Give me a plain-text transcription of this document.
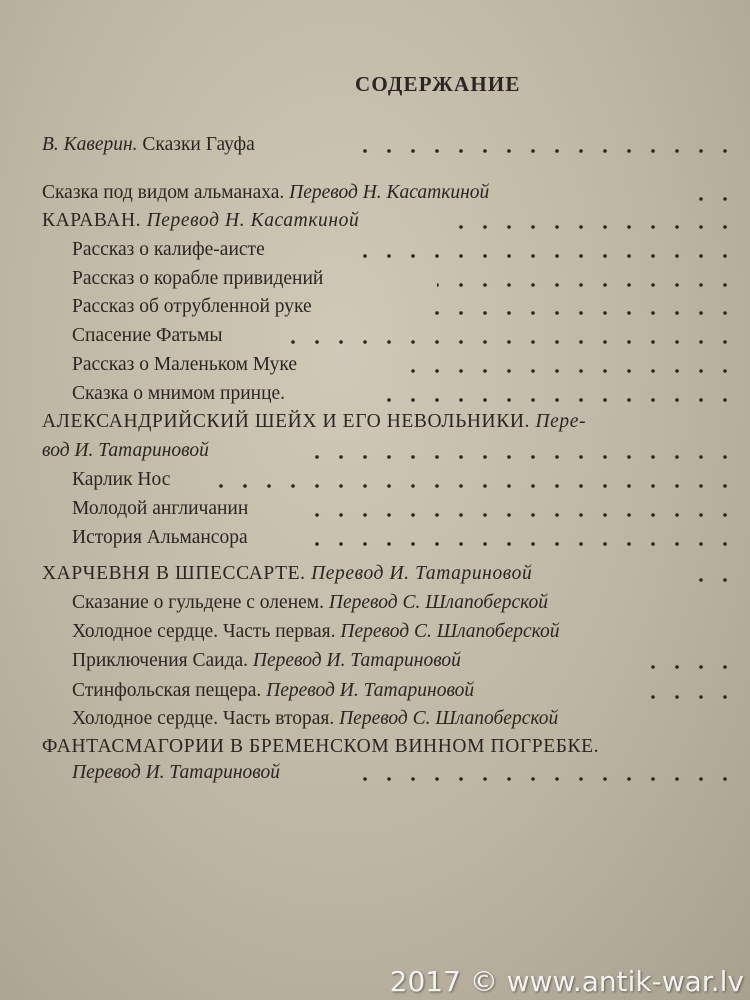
СОДЕРЖАНИЕ
В. Каверин. Сказки Гауфа
Сказка под видом альманаха. Перевод Н. Касаткиной
КАРАВАН. Перевод Н. Касаткиной
Рассказ о калифе-аисте
Рассказ о корабле привидений
Рассказ об отрубленной руке
Спасение Фатьмы
Рассказ о Маленьком Муке
Сказка о мнимом принце.
АЛЕКСАНДРИЙСКИЙ ШЕЙХ И ЕГО НЕВОЛЬНИКИ. Пере-
вод И. Татариновой
Карлик Нос
Молодой англичанин
История Альмансора
ХАРЧЕВНЯ В ШПЕССАРТЕ. Перевод И. Татариновой
Сказание о гульдене с оленем. Перевод С. Шлапоберской
Холодное сердце. Часть первая. Перевод С. Шлапоберской
Приключения Саида. Перевод И. Татариновой
Стинфольская пещера. Перевод И. Татариновой
Холодное сердце. Часть вторая. Перевод С. Шлапоберской
ФАНТАСМАГОРИИ В БРЕМЕНСКОМ ВИННОМ ПОГРЕБКЕ.
Перевод И. Татариновой
2017 © www.antik-war.lv
